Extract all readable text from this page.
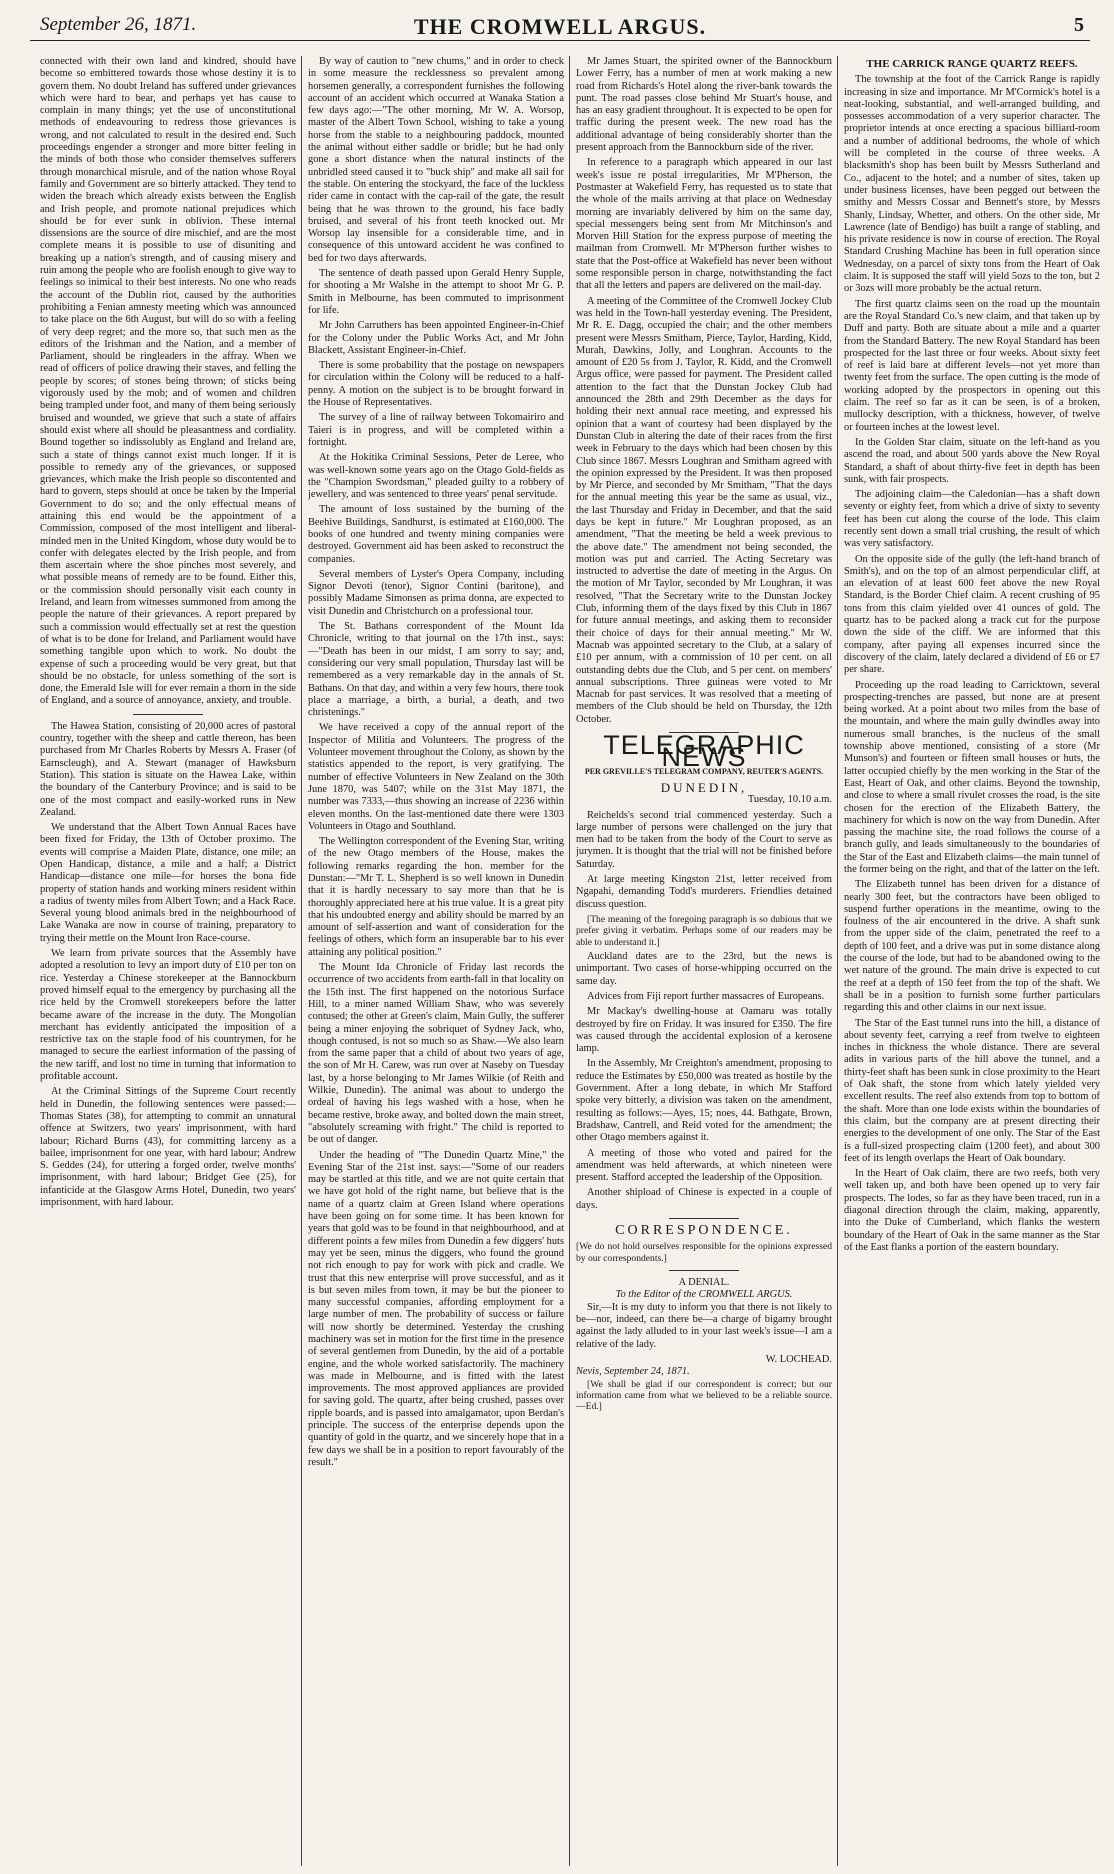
September 26, 1871.	THE CROMWELL ARGUS.	5

connected with their own land and kindred, should have become so embittered towards those whose destiny it is to govern them. No doubt Ireland has suffered under grievances which were hard to bear, and perhaps yet has cause to complain in many things; yet the use of unconstitutional methods of endeavouring to redress those grievances is wrong, and not calculated to result in the desired end. Such proceedings engender a stronger and more bitter feeling in the minds of both those who consider themselves sufferers through monarchical misrule, and of the nation whose Royal family and Government are so bitterly attacked. They tend to widen the breach which already exists between the English and Irish people, and promote national prejudices which should be for ever sunk in oblivion. These internal dissensions are the source of dire mischief, and are the most complete means it is possible to use of disuniting and breaking up a nation's strength, and of causing misery and ruin among the people who are foolish enough to give way to feelings so inimical to their best interests. No one who reads the account of the Dublin riot, caused by the authorities prohibiting a Fenian amnesty meeting which was announced to take place on the 6th August, but will do so with a feeling of very deep regret; and the more so, that such men as the editors of the Irishman and the Nation, and a member of Parliament, should be ringleaders in the affray. When we read of officers of police drawing their staves, and felling the people by scores; of stones being thrown; of sticks being vigorously used by the mob; and of women and children being trampled under foot, and many of them being seriously bruised and wounded, we grieve that such a state of affairs should exist where all should be pleasantness and cordiality. Bound together so indissolubly as England and Ireland are, such a state of things cannot exist much longer. If it is possible to remedy any of the grievances, or supposed grievances, which make the Irish people so discontented and hard to govern, steps should at once be taken by the Imperial Government to do so; and the only effectual means of attaining this end would be the appointment of a Commission, composed of the most intelligent and liberal-minded men in the United Kingdom, whose duty would be to confer with delegates elected by the Irish people, and from them ascertain where the shoe pinches most severely, and what possible means of remedy are to be found. Either this, or the commission should personally visit each county in Ireland, and learn from witnesses summoned from among the people the nature of their grievances. A report prepared by such a commission would effectually set at rest the question of what is to be done for Ireland, and Parliament would have something tangible upon which to work. No doubt the expense of such a proceeding would be very great, but that should be no obstacle, for unless something of the sort is done, the Emerald Isle will for ever remain a thorn in the side of England, and a source of annoyance, anxiety, and trouble.

The Hawea Station, consisting of 20,000 acres of pastoral country, together with the sheep and cattle thereon, has been purchased from Mr Charles Roberts by Messrs A. Fraser (of Earnscleugh), and A. Stewart (manager of Hawksburn Station). This station is situate on the Hawea Lake, within the boundary of the Canterbury Province; and is said to be one of the most compact and easily-worked runs in New Zealand.

We understand that the Albert Town Annual Races have been fixed for Friday, the 13th of October proximo. The events will comprise a Maiden Plate, distance, one mile; an Open Handicap, distance, a mile and a half; a District Handicap—distance one mile—for horses the bona fide property of station hands and working miners resident within a radius of twenty miles from Albert Town; and a Hack Race. Several young blood animals bred in the neighbourhood of Lake Wanaka are now in course of training, preparatory to trying their mettle on the Mount Iron Race-course.

We learn from private sources that the Assembly have adopted a resolution to levy an import duty of £10 per ton on rice. Yesterday a Chinese storekeeper at the Bannockburn proved himself equal to the emergency by purchasing all the rice held by the Cromwell storekeepers before the latter became aware of the increase in the duty. The Mongolian merchant has evidently anticipated the imposition of a restrictive tax on the staple food of his countrymen, for he managed to secure the earliest information of the passing of the new tariff, and lost no time in turning that information to profitable account.

At the Criminal Sittings of the Supreme Court recently held in Dunedin, the following sentences were passed:—Thomas States (38), for attempting to commit an unnatural offence at Switzers, two years' imprisonment, with hard labour; Richard Burns (43), for committing larceny as a bailee, imprisonment for one year, with hard labour; Andrew S. Geddes (24), for uttering a forged order, twelve months' imprisonment, with hard labour; Bridget Gee (25), for infanticide at the Glasgow Arms Hotel, Dunedin, two years' imprisonment, with hard labour.

By way of caution to "new chums," and in order to check in some measure the recklessness so prevalent among horsemen generally, a correspondent furnishes the following account of an accident which occurred at Wanaka Station a few days ago:—"The other morning, Mr W. A. Worsop, master of the Albert Town School, wishing to take a young horse from the stable to a neighbouring paddock, mounted the animal without either saddle or bridle; but he had only gone a short distance when the natural instincts of the unbridled steed caused it to "buck ship" and make all sail for the stable. On entering the stockyard, the face of the luckless rider came in contact with the cap-rail of the gate, the result being that he was thrown to the ground, his face badly bruised, and several of his front teeth knocked out. Mr Worsop lay insensible for a considerable time, and in consequence of this untoward accident he was confined to bed for two days afterwards.

The sentence of death passed upon Gerald Henry Supple, for shooting a Mr Walshe in the attempt to shoot Mr G. P. Smith in Melbourne, has been commuted to imprisonment for life.

Mr John Carruthers has been appointed Engineer-in-Chief for the Colony under the Public Works Act, and Mr John Blackett, Assistant Engineer-in-Chief.

There is some probability that the postage on newspapers for circulation within the Colony will be reduced to a half-penny. A motion on the subject is to be brought forward in the House of Representatives.

The survey of a line of railway between Tokomairiro and Taieri is in progress, and will be completed within a fortnight.

At the Hokitika Criminal Sessions, Peter de Leree, who was well-known some years ago on the Otago Gold-fields as the "Champion Swordsman," pleaded guilty to a robbery of jewellery, and was sentenced to three years' penal servitude.

The amount of loss sustained by the burning of the Beehive Buildings, Sandhurst, is estimated at £160,000. The books of one hundred and twenty mining companies were destroyed. Government aid has been asked to reconstruct the companies.

Several members of Lyster's Opera Company, including Signor Devoti (tenor), Signor Contini (baritone), and possibly Madame Simonsen as prima donna, are expected to visit Dunedin and Christchurch on a professional tour.

The St. Bathans correspondent of the Mount Ida Chronicle, writing to that journal on the 17th inst., says:—"Death has been in our midst, I am sorry to say; and, considering our very small population, Thursday last will be remembered as a very remarkable day in the annals of St. Bathans. On that day, and within a very few hours, there took place a marriage, a birth, a burial, a death, and two christenings."

We have received a copy of the annual report of the Inspector of Militia and Volunteers. The progress of the Volunteer movement throughout the Colony, as shown by the statistics appended to the report, is very gratifying. The number of effective Volunteers in New Zealand on the 30th June 1870, was 5407; while on the 31st May 1871, the number was 7333,—thus showing an increase of 2236 within eleven months. On the last-mentioned date there were 1303 Volunteers in Otago and Southland.

The Wellington correspondent of the Evening Star, writing of the new Otago members of the House, makes the following remarks regarding the hon. member for the Dunstan:—"Mr T. L. Shepherd is so well known in Dunedin that it is hardly necessary to say more than that he is thoroughly appreciated here at his true value. It is a great pity that his undoubted energy and ability should be marred by an amount of self-assertion and want of consideration for the feelings of others, which form an insuperable bar to his ever attaining any political position."

The Mount Ida Chronicle of Friday last records the occurrence of two accidents from earth-fall in that locality on the 15th inst. The first happened on the notorious Surface Hill, to a miner named William Shaw, who was severely contused; the other at Green's claim, Main Gully, the sufferer being a miner enjoying the sobriquet of Sydney Jack, who, though contused, is not so much so as Shaw.—We also learn from the same paper that a child of about two years of age, the son of Mr H. Carew, was run over at Naseby on Tuesday last, by a horse belonging to Mr James Wilkie (of Reith and Wilkie, Dunedin). The animal was about to undergo the ordeal of having his legs washed with a hose, when he became restive, broke away, and bolted down the main street, "absolutely screaming with fright." The child is reported to be out of danger.

Under the heading of "The Dunedin Quartz Mine," the Evening Star of the 21st inst. says:—"Some of our readers may be startled at this title, and we are not quite certain that we have got hold of the right name, but believe that is the name of a quartz claim at Green Island where operations have been going on for some time. It has been known for years that gold was to be found in that neighbourhood, and at different points a few miles from Dunedin a few diggers' huts may yet be seen, minus the diggers, who found the ground not rich enough to pay for work with pick and cradle. We trust that this new enterprise will prove successful, and as it is but seven miles from town, it may be but the pioneer to many successful companies, affording employment for a large number of men. The probability of success or failure will now shortly be determined. Yesterday the crushing machinery was set in motion for the first time in the presence of several gentlemen from Dunedin, by the aid of a portable engine, and the whole worked satisfactorily. The machinery was made in Melbourne, and is fitted with the latest improvements. The most approved appliances are provided for saving gold. The quartz, after being crushed, passes over ripple boards, and is passed into amalgamator, upon Berdan's principle. The success of the enterprise depends upon the quantity of gold in the quartz, and we sincerely hope that in a few days we shall be in a position to report favourably of the result."

Mr James Stuart, the spirited owner of the Bannockburn Lower Ferry, has a number of men at work making a new road from Richards's Hotel along the river-bank towards the punt. The road passes close behind Mr Stuart's house, and has an easy gradient throughout. It is expected to be open for traffic during the present week. The new road has the additional advantage of being considerably shorter than the present approach from the Bannockburn side of the river.

In reference to a paragraph which appeared in our last week's issue re postal irregularities, Mr M'Pherson, the Postmaster at Wakefield Ferry, has requested us to state that the whole of the mails arriving at that place on Wednesday morning are invariably delivered by him on the same day, special messengers being sent from Mr Mitchinson's and Morven Hill Station for the express purpose of meeting the mailman from Cromwell. Mr M'Pherson further wishes to state that the Post-office at Wakefield has never been without some responsible person in charge, notwithstanding the fact that all the letters and papers are delivered on the mail-day.

A meeting of the Committee of the Cromwell Jockey Club was held in the Town-hall yesterday evening. The President, Mr R. E. Dagg, occupied the chair; and the other members present were Messrs Smitham, Pierce, Taylor, Harding, Kidd, Murah, Dawkins, Jolly, and Loughran. Accounts to the amount of £20 5s from J. Taylor, R. Kidd, and the Cromwell Argus office, were passed for payment. The President called attention to the fact that the Dunstan Jockey Club had announced the 28th and 29th December as the days for holding their next annual race meeting, and expressed his opinion that a want of courtesy had been displayed by the Dunstan Club in altering the date of their races from the first week in February to the days which had been chosen by this Club since 1867. Messrs Loughran and Smitham agreed with the opinion expressed by the President. It was then proposed by Mr Pierce, and seconded by Mr Smitham, "That the days for the annual meeting this year be the same as usual, viz., the last Thursday and Friday in December, and that the said days be kept in future." Mr Loughran proposed, as an amendment, "That the meeting be held a week previous to the above date." The amendment not being seconded, the motion was put and carried. The Acting Secretary was instructed to advertise the date of meeting in the Argus. On the motion of Mr Taylor, seconded by Mr Loughran, it was resolved, "That the Secretary write to the Dunstan Jockey Club, informing them of the days fixed by this Club in 1867 for future annual meetings, and asking them to reconsider their choice of days for their annual meeting." Mr W. Macnab was appointed secretary to the Club, at a salary of £10 per annum, with a commission of 10 per cent. on all outstanding debts due the Club, and 5 per cent. on members' annual subscriptions. Three guineas were voted to Mr Macnab for past services. It was resolved that a meeting of members of the Club should be held on Thursday, the 12th October.

TELEGRAPHIC NEWS
PER GREVILLE'S TELEGRAM COMPANY, REUTER'S AGENTS.
DUNEDIN,
Tuesday, 10.10 a.m.

Reichelds's second trial commenced yesterday. Such a large number of persons were challenged on the jury that men had to be taken from the body of the Court to serve as jurymen. It is thought that the trial will not be finished before Saturday.

At large meeting Kingston 21st, letter received from Ngapahi, demanding Todd's murderers. Friendlies detained discuss question.

[The meaning of the foregoing paragraph is so dubious that we prefer giving it verbatim. Perhaps some of our readers may be able to understand it.]

Auckland dates are to the 23rd, but the news is unimportant. Two cases of horse-whipping occurred on the same day.

Advices from Fiji report further massacres of Europeans.

Mr Mackay's dwelling-house at Oamaru was totally destroyed by fire on Friday. It was insured for £350. The fire was caused through the accidental explosion of a kerosene lamp.

In the Assembly, Mr Creighton's amendment, proposing to reduce the Estimates by £50,000 was treated as hostile by the Government. After a long debate, in which Mr Stafford spoke very bitterly, a division was taken on the amendment, resulting as follows:—Ayes, 15; noes, 44. Bathgate, Brown, Bradshaw, Cantrell, and Reid voted for the amendment; the other Otago members against it.

A meeting of those who voted and paired for the amendment was held afterwards, at which nineteen were present. Stafford accepted the leadership of the Opposition.

Another shipload of Chinese is expected in a couple of days.

CORRESPONDENCE.

[We do not hold ourselves responsible for the opinions expressed by our correspondents.]

A DENIAL.
To the Editor of the CROMWELL ARGUS.

Sir,—It is my duty to inform you that there is not likely to be—nor, indeed, can there be—a charge of bigamy brought against the lady alluded to in your last week's issue—I am a relative of the lady.

W. LOCHEAD.
Nevis, September 24, 1871.

[We shall be glad if our correspondent is correct; but our information came from what we believed to be a reliable source.—Ed.]

THE CARRICK RANGE QUARTZ REEFS.

The township at the foot of the Carrick Range is rapidly increasing in size and importance. Mr M'Cormick's hotel is a neat-looking, substantial, and well-arranged building, and possesses accommodation of a very superior character. The proprietor intends at once erecting a spacious billiard-room and a number of additional bedrooms, the whole of which will be completed in the course of three weeks. A blacksmith's shop has been built by Messrs Sutherland and Co., adjacent to the hotel; and a number of sites, taken up under business licenses, have been pegged out between the smithy and Messrs Cossar and Bennett's store, by Messrs Shanly, Lindsay, Whetter, and others. On the other side, Mr Lawrence (late of Bendigo) has built a range of stabling, and his private residence is now in course of erection. The Royal Standard Crushing Machine has been in full operation since Wednesday, on a parcel of sixty tons from the Heart of Oak claim. It is supposed the staff will yield 5ozs to the ton, but 2 or 3ozs will more probably be the actual return.

The first quartz claims seen on the road up the mountain are the Royal Standard Co.'s new claim, and that taken up by Duff and party. Both are situate about a mile and a quarter from the Standard Battery. The new Royal Standard has been prospected for the last three or four weeks. About sixty feet of reef is laid bare at different levels—not yet more than twenty feet from the surface. The open cutting is the mode of working adopted by the prospectors in opening out this claim. The reef so far as it can be seen, is of a broken, mullocky description, with a thickness, however, of twelve or fourteen inches at the lowest level.

In the Golden Star claim, situate on the left-hand as you ascend the road, and about 500 yards above the New Royal Standard, a shaft of about thirty-five feet in depth has been sunk, with fair prospects.

The adjoining claim—the Caledonian—has a shaft down seventy or eighty feet, from which a drive of sixty to seventy feet has been cut along the course of the lode. This claim recently sent down a small trial crushing, the result of which was very satisfactory.

On the opposite side of the gully (the left-hand branch of Smith's), and on the top of an almost perpendicular cliff, at an elevation of at least 600 feet above the new Royal Standard, is the Border Chief claim. A recent crushing of 95 tons from this claim yielded over 41 ounces of gold. The quartz has to be packed along a track cut for the purpose down the side of the cliff. We are informed that this company, after paying all expenses incurred since the discovery of the claim, lately declared a dividend of £6 or £7 per share.

Proceeding up the road leading to Carricktown, several prospecting-trenches are passed, but none are at present being worked. At a point about two miles from the base of the mountain, and where the main gully dwindles away into numerous small branches, is the nucleus of the small township above mentioned, consisting of a store (Mr Munson's) and fourteen or fifteen small houses or huts, the latter occupied chiefly by the men working in the Star of the East, Heart of Oak, and other claims. Beyond the township, and close to where a small rivulet crosses the road, is the site chosen for the erection of the Elizabeth Battery, the machinery for which is now on the way from Dunedin. After passing the machine site, the road follows the course of a branch gully, and leads simultaneously to the boundaries of the Star of the East and Elizabeth claims—the main tunnel of the former being on the right, and that of the latter on the left.

The Elizabeth tunnel has been driven for a distance of nearly 300 feet, but the contractors have been obliged to suspend further operations in the meantime, owing to the foulness of the air encountered in the drive. A shaft sunk from the upper side of the claim, penetrated the reef to a depth of 100 feet, and a drive was put in some distance along the course of the lode, but had to be abandoned owing to the wet nature of the ground. The main drive is expected to cut the reef at a depth of 150 feet from the top of the shaft. We shall be in a position to furnish some further particulars regarding this and other claims in our next issue.

The Star of the East tunnel runs into the hill, a distance of about seventy feet, carrying a reef from twelve to eighteen inches in thickness the whole distance. There are several adits in various parts of the hill above the tunnel, and a thirty-feet shaft has been sunk in close proximity to the Heart of Oak shaft, the stone from which lately yielded very excellent results. The reef also extends from top to bottom of the shaft. More than one lode exists within the boundaries of this claim, but the company are at present directing their energies to the development of one only. The Star of the East is a full-sized prospecting claim (1200 feet), and about 300 feet of its length overlaps the Heart of Oak boundary.

In the Heart of Oak claim, there are two reefs, both very well taken up, and both have been opened up to very fair prospects. The lodes, so far as they have been traced, run in a diagonal direction through the claim, making, apparently, into the Duke of Cumberland, which flanks the western boundary of the Heart of Oak in the same manner as the Star of the East flanks a portion of the eastern boundary.
